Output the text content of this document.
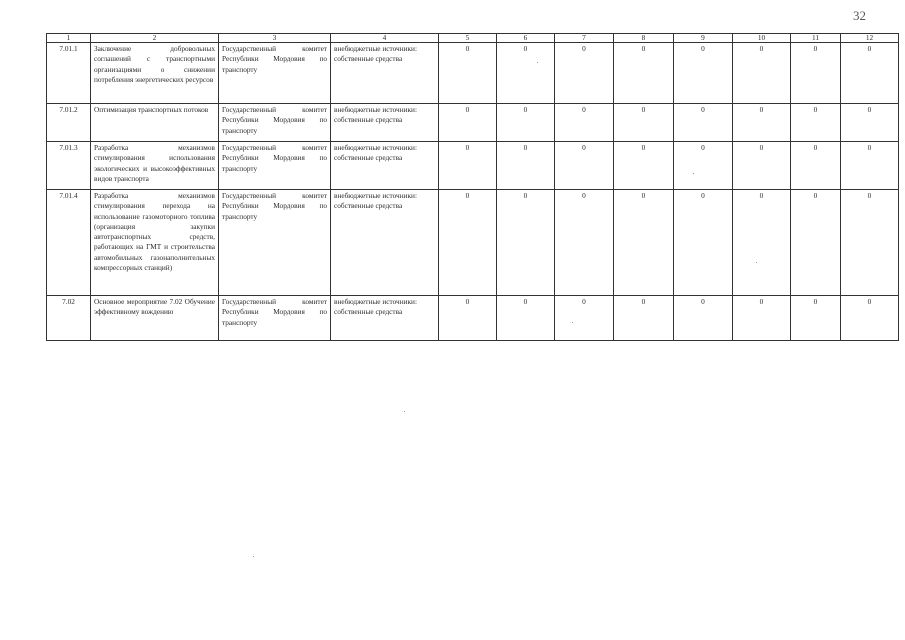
32
1	2	3	4	5	6	7	8	9	10	11	12
7.01.1	Заключение добровольных соглашений с транспортными организациями о снижении потребления энергетических ресурсов	Государственный комитет Республики Мордовия по транспорту	внебюджетные источники: собственные средства	0	0	0	0	0	0	0	0
7.01.2	Оптимизация транспортных потоков	Государственный комитет Республики Мордовия по транспорту	внебюджетные источники: собственные средства	0	0	0	0	0	0	0	0
7.01.3	Разработка механизмов стимулирования использования экологических и высокоэффективных видов транспорта	Государственный комитет Республики Мордовия по транспорту	внебюджетные источники: собственные средства	0	0	0	0	0	0	0	0
7.01.4	Разработка механизмов стимулирования перехода на использование газомоторного топлива (организация закупки автотранспортных средств, работающих на ГМТ и строительства автомобильных газонаполнительных компрессорных станций)	Государственный комитет Республики Мордовия по транспорту	внебюджетные источники: собственные средства	0	0	0	0	0	0	0	0
7.02	Основное мероприятие 7.02 Обучение эффективному вождению	Государственный комитет Республики Мордовия по транспорту	внебюджетные источники: собственные средства	0	0	0	0	0	0	0	0
